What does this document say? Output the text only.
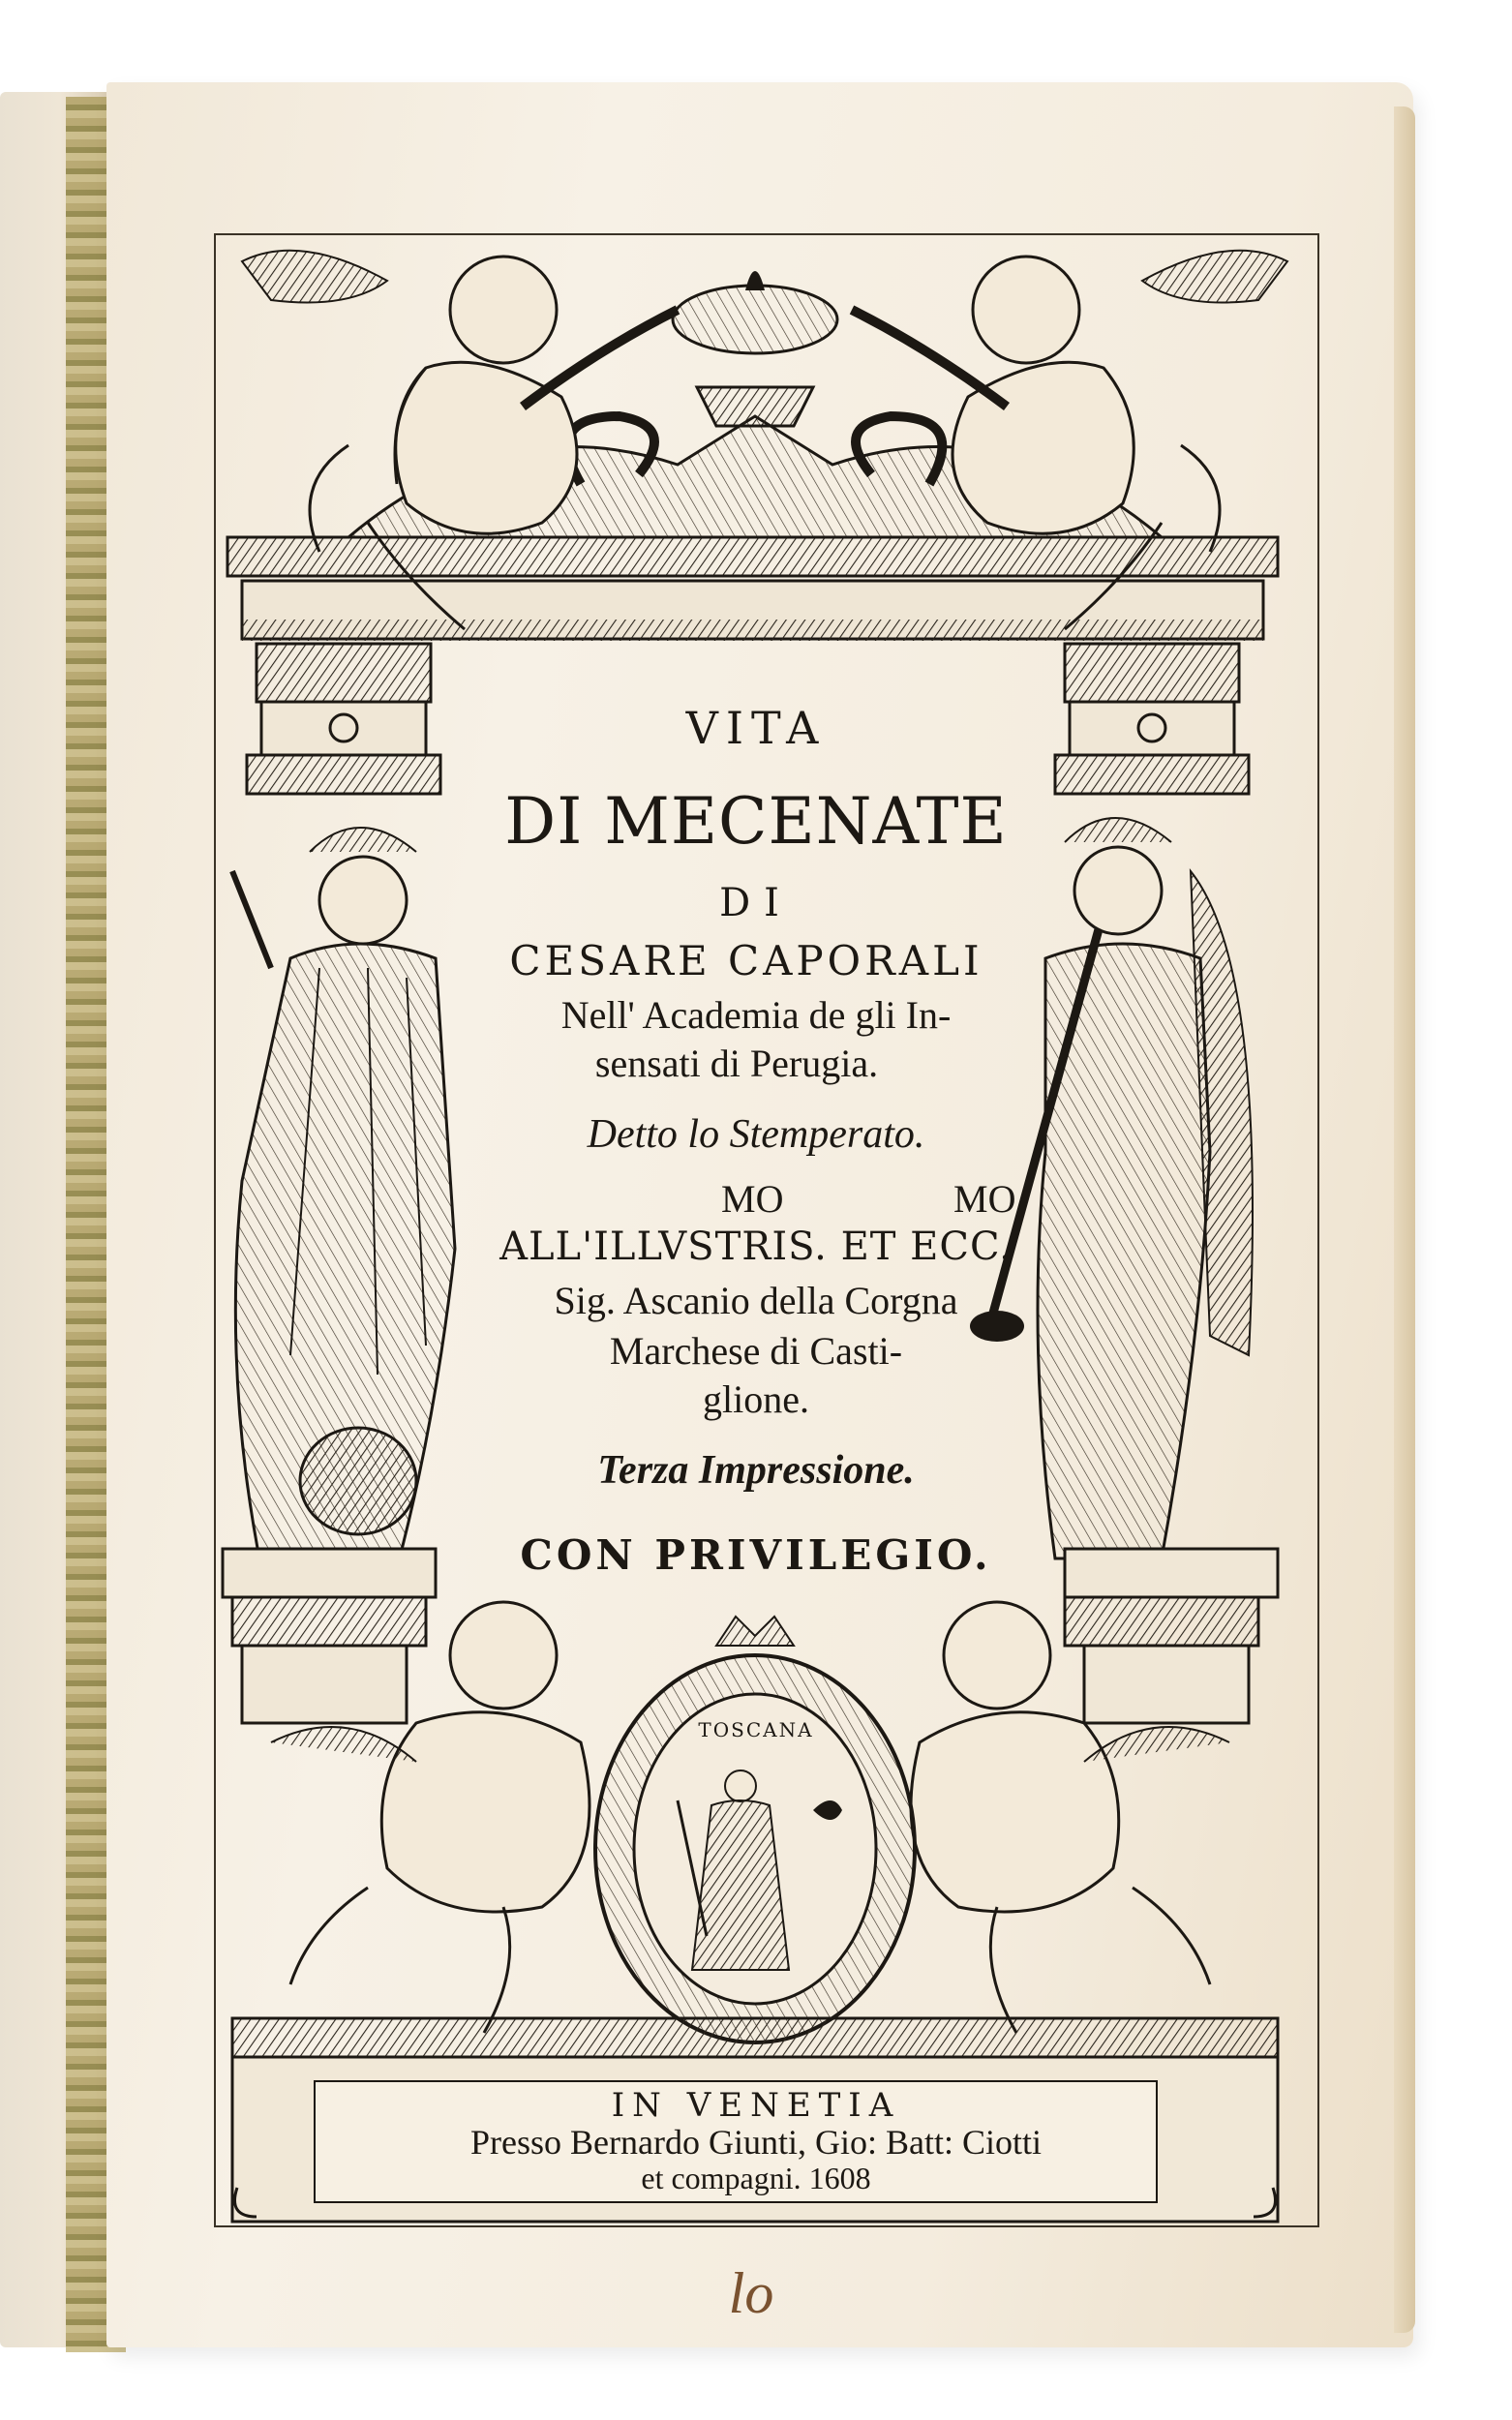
VITA
DI MECENATE
DI
CESARE CAPORALI
Nell' Academia de gli In-
sensati di Perugia.
Detto lo Stemperato.
MO	MO
ALL'ILLVSTRIS. ET ECC.
Sig. Ascanio della Corgna
Marchese di Casti-
glione.
Terza Impressione.
CON PRIVILEGIO.
TOSCANA
IN VENETIA
Presso Bernardo Giunti, Gio: Batt: Ciotti
et compagni. 1608
lo
